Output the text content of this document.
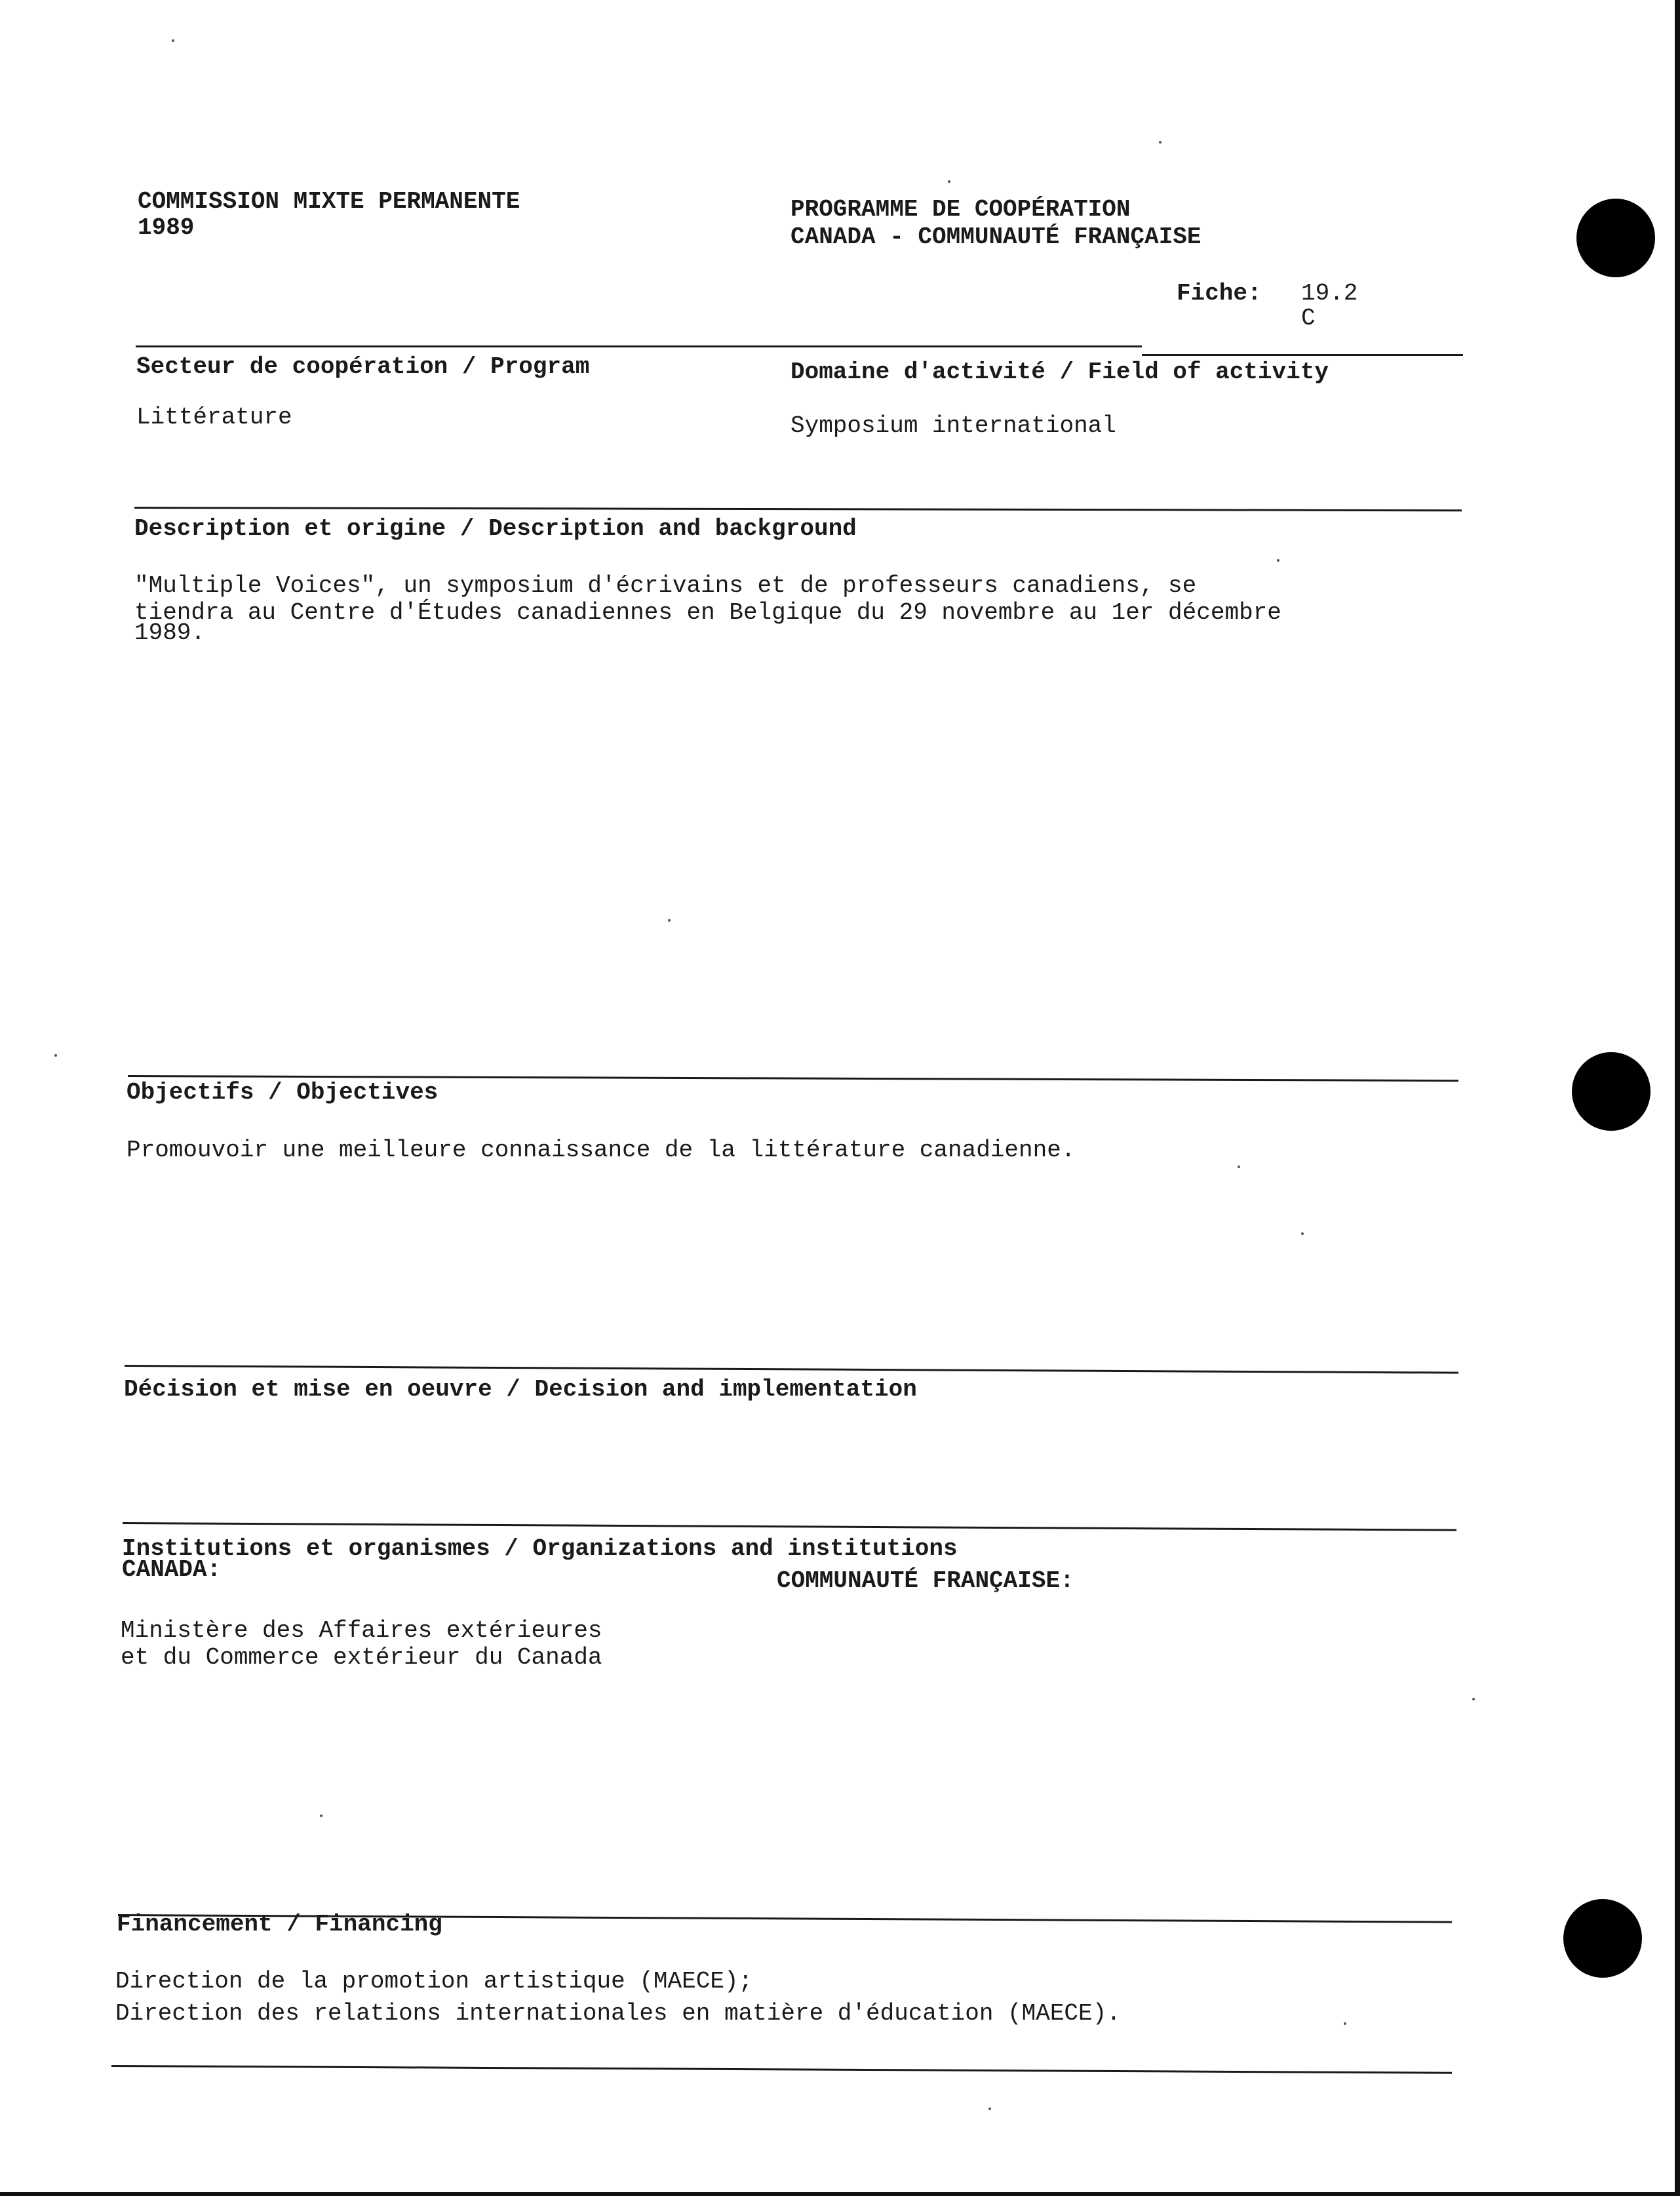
COMMISSION MIXTE PERMANENTE
1989
PROGRAMME DE COOPÉRATION
CANADA - COMMUNAUTÉ FRANÇAISE
Fiche: 19.2
C
Secteur de coopération / Program
Littérature
Domaine d'activité / Field of activity
Symposium international
Description et origine / Description and background
"Multiple Voices", un symposium d'écrivains et de professeurs canadiens, se
tiendra au Centre d'Études canadiennes en Belgique du 29 novembre au 1er décembre
1989.
Objectifs / Objectives
Promouvoir une meilleure connaissance de la littérature canadienne.
Décision et mise en oeuvre / Decision and implementation
Institutions et organismes / Organizations and institutions
CANADA:	COMMUNAUTÉ FRANÇAISE:
Ministère des Affaires extérieures
et du Commerce extérieur du Canada
Financement / Financing
Direction de la promotion artistique (MAECE);
Direction des relations internationales en matière d'éducation (MAECE).
